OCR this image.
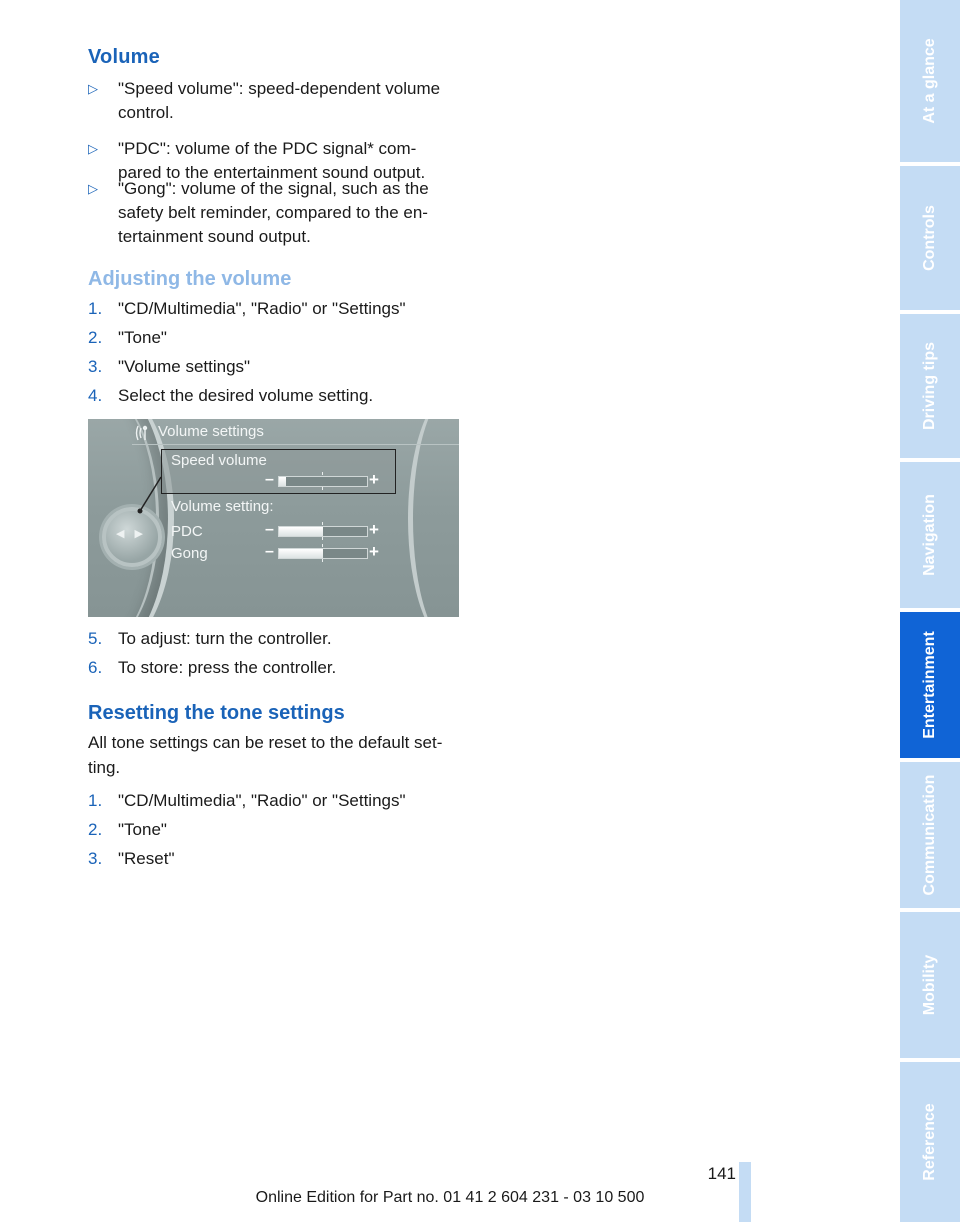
Volume
▷ "Speed volume": speed-dependent volume
control.
▷ "PDC": volume of the PDC signal* com-
pared to the entertainment sound output.
▷ "Gong": volume of the signal, such as the
safety belt reminder, compared to the en-
tertainment sound output.
Adjusting the volume
1. "CD/Multimedia", "Radio" or "Settings"
2. "Tone"
3. "Volume settings"
4. Select the desired volume setting.
Volume settings
Speed volume
–	+
Volume setting:
PDC	–	+
Gong	–	+
◀▶
5. To adjust: turn the controller.
6. To store: press the controller.
Resetting the tone settings
All tone settings can be reset to the default set-
ting.
1. "CD/Multimedia", "Radio" or "Settings"
2. "Tone"
3. "Reset"
At a glance
Controls
Driving tips
Navigation
Entertainment
Communication
Mobility
Reference
141
Online Edition for Part no. 01 41 2 604 231 - 03 10 500
